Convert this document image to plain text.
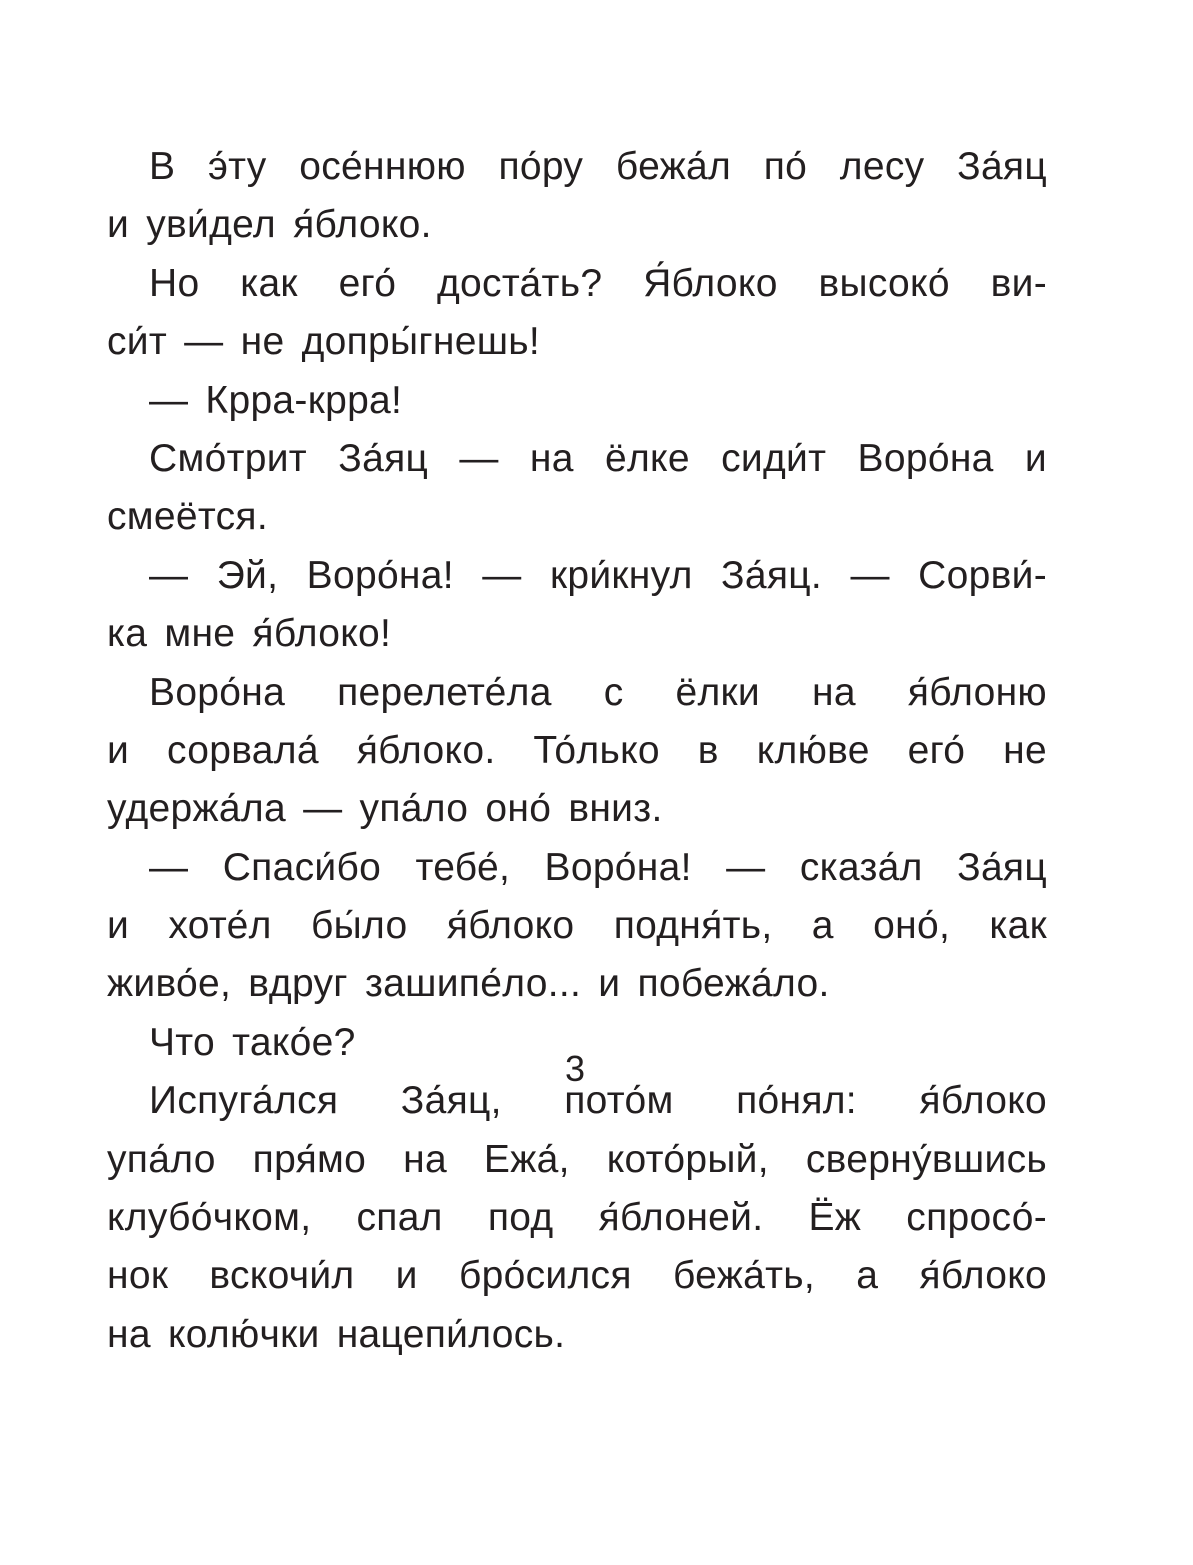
В э́ту осе́ннюю по́ру бежа́л по́ лесу За́яц
и уви́дел я́блоко.
Но как его́ доста́ть? Я́блоко высоко́ ви-
си́т — не допры́гнешь!
— Крра-крра!
Смо́трит За́яц — на ёлке сиди́т Воро́на и
смеётся.
— Эй, Воро́на! — кри́кнул За́яц. — Сорви́-
ка мне я́блоко!
Воро́на перелете́ла с ёлки на я́блоню
и сорвала́ я́блоко. То́лько в клю́ве его́ не
удержа́ла — упа́ло оно́ вниз.
— Спаси́бо тебе́, Воро́на! — сказа́л За́яц
и хоте́л бы́ло я́блоко подня́ть, а оно́, как
живо́е, вдруг зашипе́ло... и побежа́ло.
Что тако́е?
Испуга́лся За́яц, пото́м по́нял: я́блоко
упа́ло пря́мо на Ежа́, кото́рый, сверну́вшись
клубо́чком, спал под я́блоней. Ёж спросо́-
нок вскочи́л и бро́сился бежа́ть, а я́блоко
на колю́чки нацепи́лось.
3
